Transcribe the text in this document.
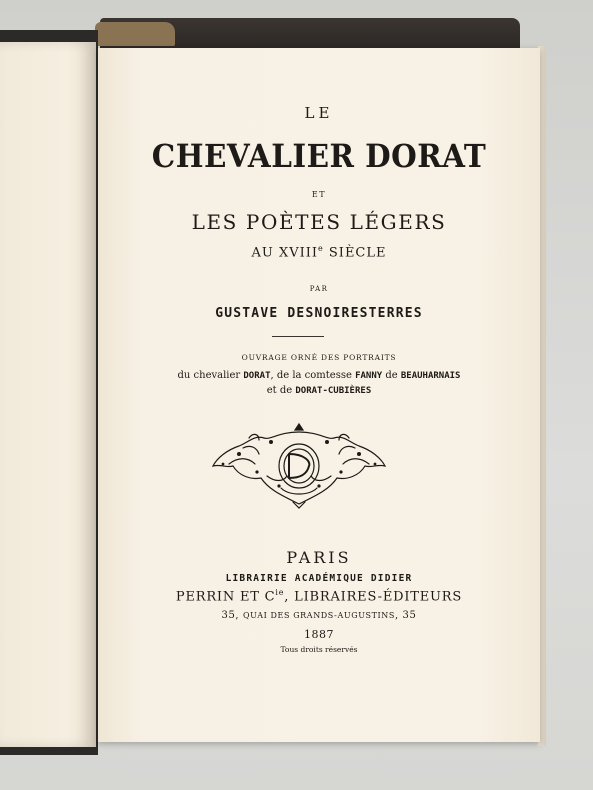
LE
CHEVALIER DORAT
ET
LES POÈTES LÉGERS
AU XVIIIe SIÈCLE
PAR
GUSTAVE DESNOIRESTERRES
OUVRAGE ORNÉ DES PORTRAITS
du chevalier DORAT, de la comtesse FANNY de BEAUHARNAIS
et de DORAT-CUBIÈRES
PARIS
LIBRAIRIE ACADÉMIQUE DIDIER
PERRIN ET $C^{ie}$, LIBRAIRES-ÉDITEURS
35, QUAI DES GRANDS-AUGUSTINS, 35
1887
Tous droits réservés
